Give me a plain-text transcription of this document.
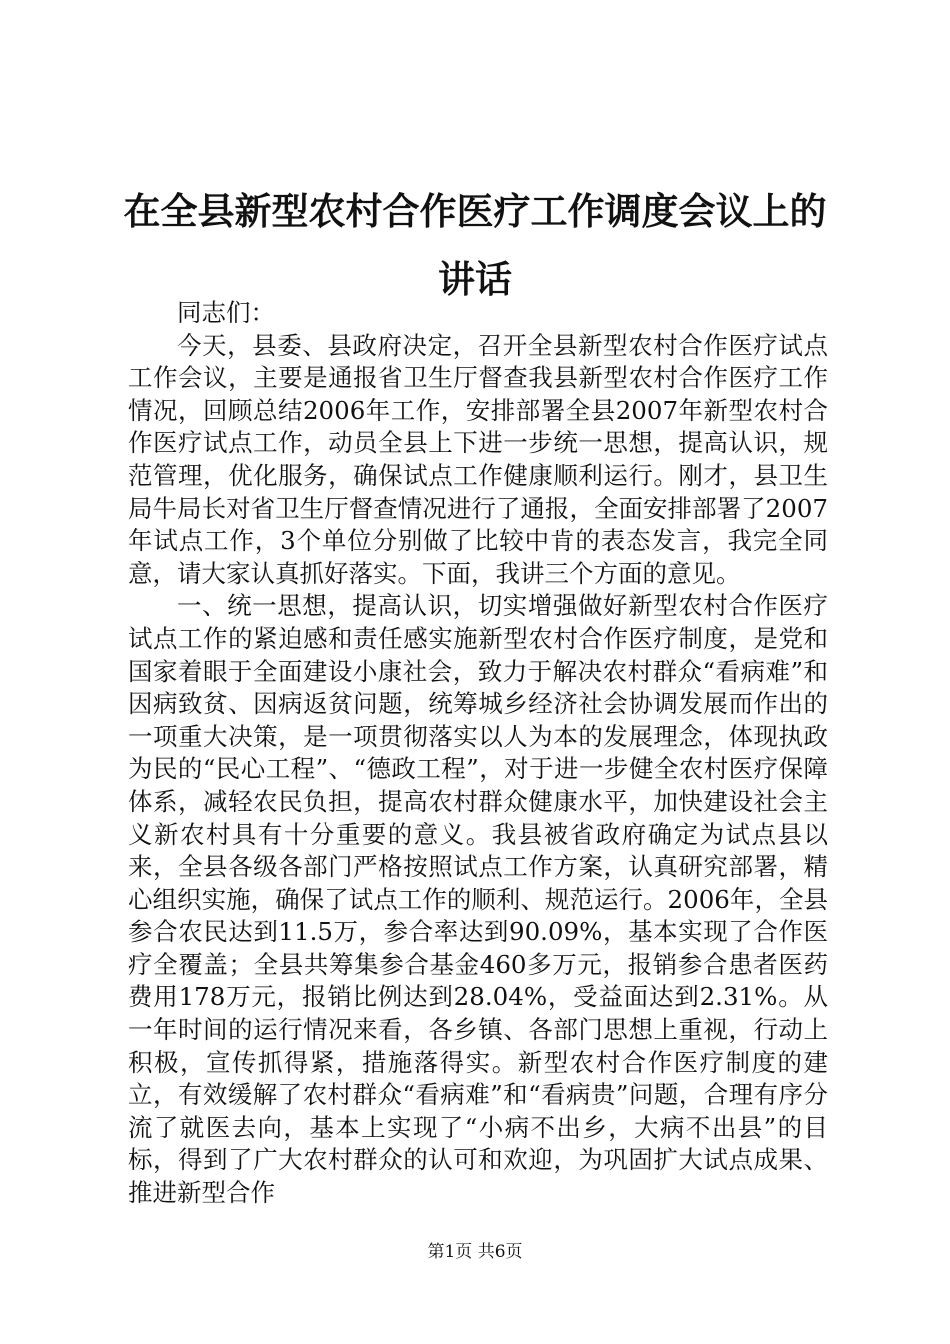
在全县新型农村合作医疗工作调度会议上的讲话

同志们：

今天，县委、县政府决定，召开全县新型农村合作医疗试点工作会议，主要是通报省卫生厅督查我县新型农村合作医疗工作情况，回顾总结2006年工作，安排部署全县2007年新型农村合作医疗试点工作，动员全县上下进一步统一思想，提高认识，规范管理，优化服务，确保试点工作健康顺利运行。刚才，县卫生局牛局长对省卫生厅督查情况进行了通报，全面安排部署了2007年试点工作，3个单位分别做了比较中肯的表态发言，我完全同意，请大家认真抓好落实。下面，我讲三个方面的意见。

一、统一思想，提高认识，切实增强做好新型农村合作医疗试点工作的紧迫感和责任感实施新型农村合作医疗制度，是党和国家着眼于全面建设小康社会，致力于解决农村群众“看病难”和因病致贫、因病返贫问题，统筹城乡经济社会协调发展而作出的一项重大决策，是一项贯彻落实以人为本的发展理念，体现执政为民的“民心工程”、“德政工程”，对于进一步健全农村医疗保障体系，减轻农民负担，提高农村群众健康水平，加快建设社会主义新农村具有十分重要的意义。我县被省政府确定为试点县以来，全县各级各部门严格按照试点工作方案，认真研究部署，精心组织实施，确保了试点工作的顺利、规范运行。2006年，全县参合农民达到11.5万，参合率达到90.09%，基本实现了合作医疗全覆盖；全县共筹集参合基金460多万元，报销参合患者医药费用178万元，报销比例达到28.04%，受益面达到2.31%。从一年时间的运行情况来看，各乡镇、各部门思想上重视，行动上积极，宣传抓得紧，措施落得实。新型农村合作医疗制度的建立，有效缓解了农村群众“看病难”和“看病贵”问题，合理有序分流了就医去向，基本上实现了“小病不出乡，大病不出县”的目标，得到了广大农村群众的认可和欢迎，为巩固扩大试点成果、推进新型合作

第1页 共6页
